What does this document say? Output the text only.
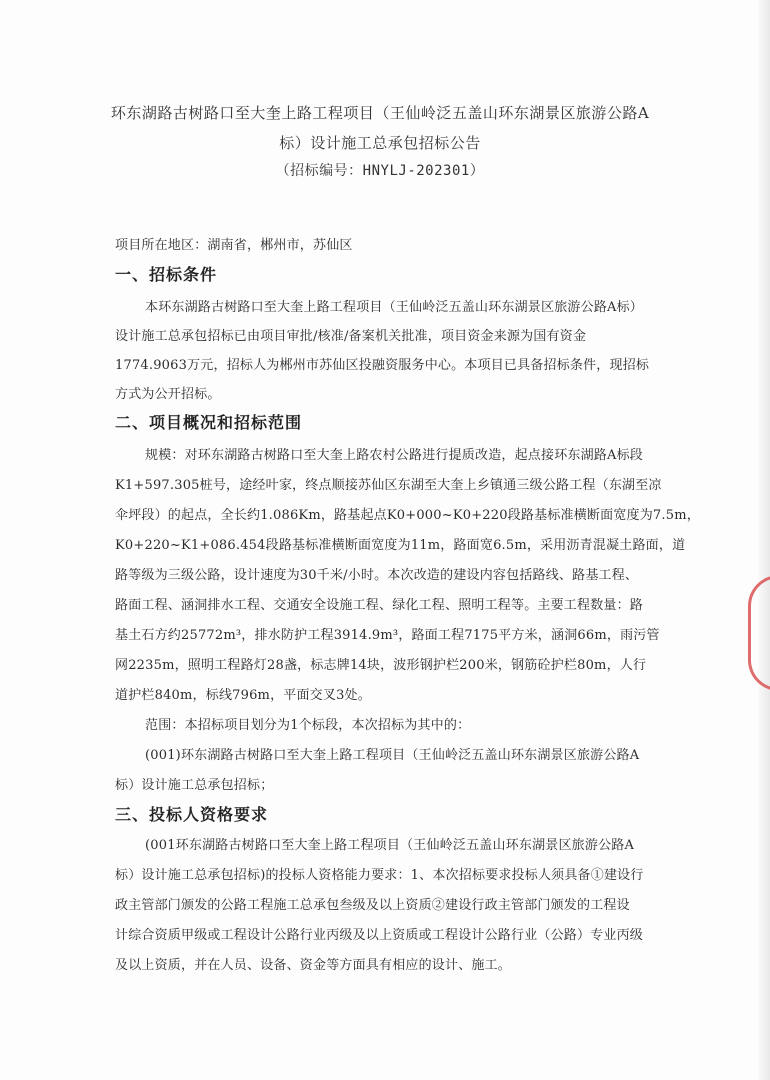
环东湖路古树路口至大奎上路工程项目（王仙岭泛五盖山环东湖景区旅游公路A
标）设计施工总承包招标公告
（招标编号：HNYLJ-202301）
项目所在地区：湖南省，郴州市，苏仙区
一、招标条件
本环东湖路古树路口至大奎上路工程项目（王仙岭泛五盖山环东湖景区旅游公路A标）
设计施工总承包招标已由项目审批/核准/备案机关批准，项目资金来源为国有资金
1774.9063万元，招标人为郴州市苏仙区投融资服务中心。本项目已具备招标条件，现招标
方式为公开招标。
二、项目概况和招标范围
规模：对环东湖路古树路口至大奎上路农村公路进行提质改造，起点接环东湖路A标段
K1+597.305桩号，途经叶家，终点顺接苏仙区东湖至大奎上乡镇通三级公路工程（东湖至凉
伞坪段）的起点，全长约1.086Km，路基起点K0+000~K0+220段路基标准横断面宽度为7.5m，
K0+220~K1+086.454段路基标准横断面宽度为11m，路面宽6.5m，采用沥青混凝土路面，道
路等级为三级公路，设计速度为30千米/小时。本次改造的建设内容包括路线、路基工程、
路面工程、涵洞排水工程、交通安全设施工程、绿化工程、照明工程等。主要工程数量：路
基土石方约25772m³，排水防护工程3914.9m³，路面工程7175平方米，涵洞66m，雨污管
网2235m，照明工程路灯28盏，标志牌14块，波形钢护栏200米，钢筋砼护栏80m，人行
道护栏840m，标线796m，平面交叉3处。
范围：本招标项目划分为1个标段，本次招标为其中的：
(001)环东湖路古树路口至大奎上路工程项目（王仙岭泛五盖山环东湖景区旅游公路A
标）设计施工总承包招标；
三、投标人资格要求
(001环东湖路古树路口至大奎上路工程项目（王仙岭泛五盖山环东湖景区旅游公路A
标）设计施工总承包招标)的投标人资格能力要求：1、本次招标要求投标人须具备①建设行
政主管部门颁发的公路工程施工总承包叁级及以上资质②建设行政主管部门颁发的工程设
计综合资质甲级或工程设计公路行业丙级及以上资质或工程设计公路行业（公路）专业丙级
及以上资质，并在人员、设备、资金等方面具有相应的设计、施工。
